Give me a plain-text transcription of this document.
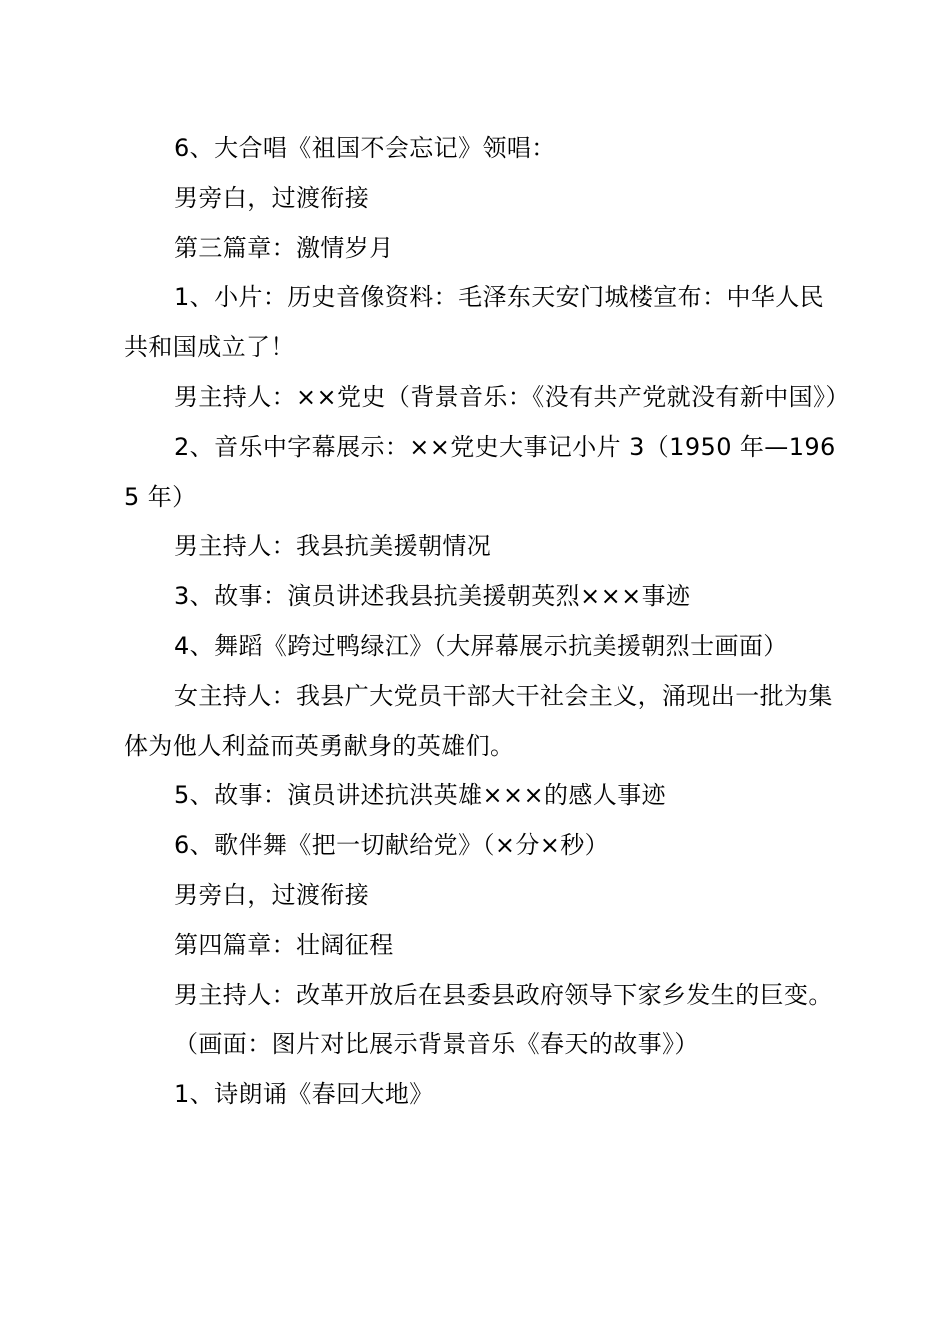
6、大合唱《祖国不会忘记》领唱：

男旁白，过渡衔接

第三篇章：激情岁月

1、小片：历史音像资料：毛泽东天安门城楼宣布：中华人民共和国成立了！

男主持人：××党史（背景音乐：《没有共产党就没有新中国》）

2、音乐中字幕展示：××党史大事记小片 3（1950 年—1965 年）

男主持人：我县抗美援朝情况

3、故事：演员讲述我县抗美援朝英烈×××事迹

4、舞蹈《跨过鸭绿江》（大屏幕展示抗美援朝烈士画面）

女主持人：我县广大党员干部大干社会主义，涌现出一批为集体为他人利益而英勇献身的英雄们。

5、故事：演员讲述抗洪英雄×××的感人事迹

6、歌伴舞《把一切献给党》（×分×秒）

男旁白，过渡衔接

第四篇章：壮阔征程

男主持人：改革开放后在县委县政府领导下家乡发生的巨变。

（画面：图片对比展示背景音乐《春天的故事》）

1、诗朗诵《春回大地》
